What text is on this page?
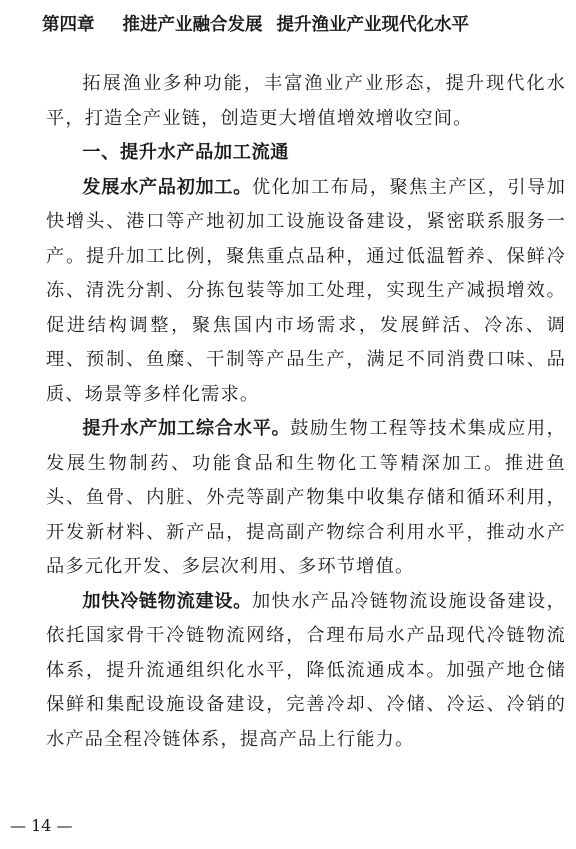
第四章 推进产业融合发展 提升渔业产业现代化水平

拓展渔业多种功能，丰富渔业产业形态，提升现代化水平，打造全产业链，创造更大增值增效增收空间。

一、提升水产品加工流通

发展水产品初加工。优化加工布局，聚焦主产区，引导加快增头、港口等产地初加工设施设备建设，紧密联系服务一产。提升加工比例，聚焦重点品种，通过低温暂养、保鲜冷冻、清洗分割、分拣包装等加工处理，实现生产减损增效。促进结构调整，聚焦国内市场需求，发展鲜活、冷冻、调理、预制、鱼糜、干制等产品生产，满足不同消费口味、品质、场景等多样化需求。

提升水产加工综合水平。鼓励生物工程等技术集成应用，发展生物制药、功能食品和生物化工等精深加工。推进鱼头、鱼骨、内脏、外壳等副产物集中收集存储和循环利用，开发新材料、新产品，提高副产物综合利用水平，推动水产品多元化开发、多层次利用、多环节增值。

加快冷链物流建设。加快水产品冷链物流设施设备建设，依托国家骨干冷链物流网络，合理布局水产品现代冷链物流体系，提升流通组织化水平，降低流通成本。加强产地仓储保鲜和集配设施设备建设，完善冷却、冷储、冷运、冷销的水产品全程冷链体系，提高产品上行能力。

— 14 —
